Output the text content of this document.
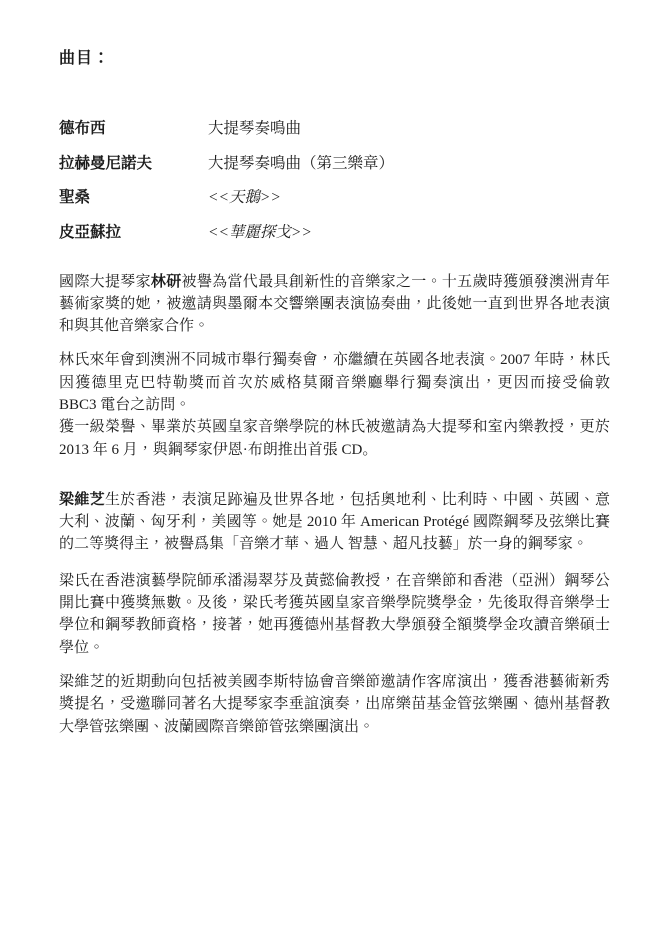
曲目：
德布西	大提琴奏鳴曲
拉赫曼尼諾夫	大提琴奏鳴曲（第三樂章）
聖桑	<<天鵝>>
皮亞蘇拉	<<華麗探戈>>
國際大提琴家林研被譽為當代最具創新性的音樂家之一。十五歲時獲頒發澳洲青年藝術家獎的她，被邀請與墨爾本交響樂團表演協奏曲，此後她一直到世界各地表演和與其他音樂家合作。
林氏來年會到澳洲不同城市舉行獨奏會，亦繼續在英國各地表演。2007 年時，林氏因獲德里克巴特勒獎而首次於威格莫爾音樂廳舉行獨奏演出，更因而接受倫敦 BBC3 電台之訪問。
獲一級榮譽、畢業於英國皇家音樂學院的林氏被邀請為大提琴和室內樂教授，更於 2013 年 6 月，與鋼琴家伊恩·布朗推出首張 CD。
梁維芝生於香港，表演足跡遍及世界各地，包括奧地利、比利時、中國、英國、意大利、波蘭、匈牙利，美國等。她是 2010 年 American Protégé 國際鋼琴及弦樂比賽的二等獎得主，被譽爲集「音樂才華、過人 智慧、超凡技藝」於一身的鋼琴家。
梁氏在香港演藝學院師承潘湯翠芬及黃懿倫教授，在音樂節和香港（亞洲）鋼琴公開比賽中獲獎無數。及後，梁氏考獲英國皇家音樂學院獎學金，先後取得音樂學士學位和鋼琴教師資格，接著，她再獲德州基督教大學頒發全額獎學金攻讀音樂碩士學位。
梁維芝的近期動向包括被美國李斯特協會音樂節邀請作客席演出，獲香港藝術新秀獎提名，受邀聯同著名大提琴家李垂誼演奏，出席樂苗基金管弦樂團、德州基督教大學管弦樂團、波蘭國際音樂節管弦樂團演出。
